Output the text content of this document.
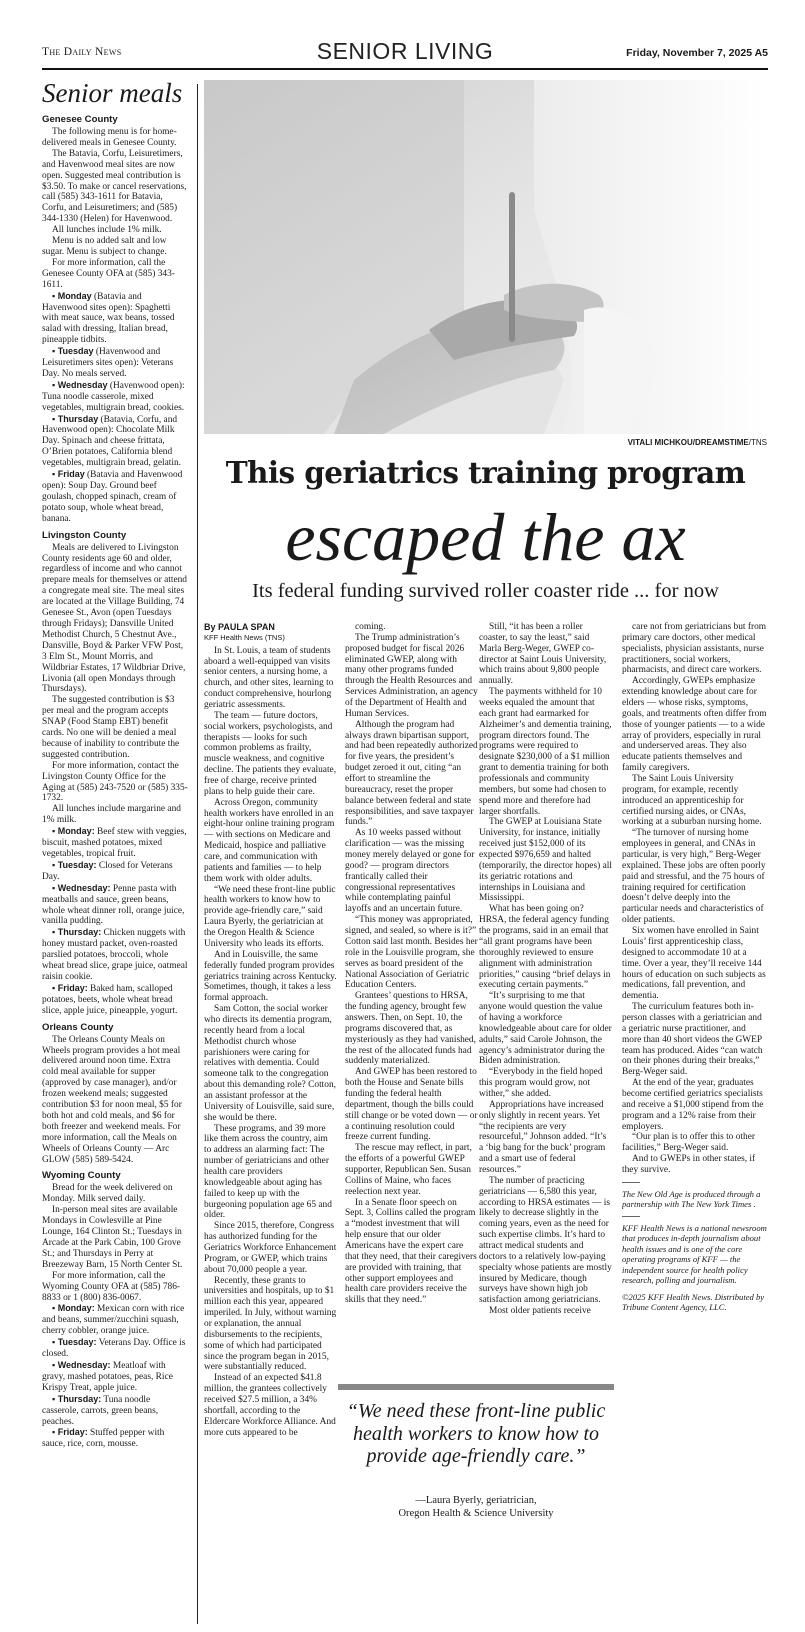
The Daily News	SENIOR LIVING	Friday, November 7, 2025 A5
Senior meals
Genesee County

The following menu is for home-delivered meals in Genesee County.

The Batavia, Corfu, Leisuretimers, and Havenwood meal sites are now open. Suggested meal contribution is $3.50. To make or cancel reservations, call (585) 343-1611 for Batavia, Corfu, and Leisuretimers; and (585) 344-1330 (Helen) for Havenwood.

All lunches include 1% milk.

Menu is no added salt and low sugar. Menu is subject to change.

For more information, call the Genesee County OFA at (585) 343-1611.

▪ Monday (Batavia and Havenwood sites open): Spaghetti with meat sauce, wax beans, tossed salad with dressing, Italian bread, pineapple tidbits.

▪ Tuesday (Havenwood and Leisuretimers sites open): Veterans Day. No meals served.

▪ Wednesday (Havenwood open): Tuna noodle casserole, mixed vegetables, multigrain bread, cookies.

▪ Thursday (Batavia, Corfu, and Havenwood open): Chocolate Milk Day. Spinach and cheese frittata, O’Brien potatoes, California blend vegetables, multigrain bread, gelatin.

▪ Friday (Batavia and Havenwood open): Soup Day. Ground beef goulash, chopped spinach, cream of potato soup, whole wheat bread, banana.

Livingston County

Meals are delivered to Livingston County residents age 60 and older, regardless of income and who cannot prepare meals for themselves or attend a congregate meal site. The meal sites are located at the Village Building, 74 Genesee St., Avon (open Tuesdays through Fridays); Dansville United Methodist Church, 5 Chestnut Ave., Dansville, Boyd & Parker VFW Post, 3 Elm St., Mount Morris, and Wildbriar Estates, 17 Wildbriar Drive, Livonia (all open Mondays through Thursdays).

The suggested contribution is $3 per meal and the program accepts SNAP (Food Stamp EBT) benefit cards. No one will be denied a meal because of inability to contribute the suggested contribution.

For more information, contact the Livingston County Office for the Aging at (585) 243-7520 or (585) 335-1732.

All lunches include margarine and 1% milk.

▪ Monday: Beef stew with veggies, biscuit, mashed potatoes, mixed vegetables, tropical fruit.

▪ Tuesday: Closed for Veterans Day.

▪ Wednesday: Penne pasta with meatballs and sauce, green beans, whole wheat dinner roll, orange juice, vanilla pudding.

▪ Thursday: Chicken nuggets with honey mustard packet, oven-roasted parslied potatoes, broccoli, whole wheat bread slice, grape juice, oatmeal raisin cookie.

▪ Friday: Baked ham, scalloped potatoes, beets, whole wheat bread slice, apple juice, pineapple, yogurt.

Orleans County

The Orleans County Meals on Wheels program provides a hot meal delivered around noon time. Extra cold meal available for supper (approved by case manager), and/or frozen weekend meals; suggested contribution $3 for noon meal, $5 for both hot and cold meals, and $6 for both freezer and weekend meals. For more information, call the Meals on Wheels of Orleans County — Arc GLOW (585) 589-5424.

Wyoming County

Bread for the week delivered on Monday. Milk served daily.

In-person meal sites are available Mondays in Cowlesville at Pine Lounge, 164 Clinton St.; Tuesdays in Arcade at the Park Cabin, 100 Grove St.; and Thursdays in Perry at Breezeway Barn, 15 North Center St.

For more information, call the Wyoming County OFA at (585) 786-8833 or 1 (800) 836-0067.

▪ Monday: Mexican corn with rice and beans, summer/zucchini squash, cherry cobbler, orange juice.

▪ Tuesday: Veterans Day. Office is closed.

▪ Wednesday: Meatloaf with gravy, mashed potatoes, peas, Rice Krispy Treat, apple juice.

▪ Thursday: Tuna noodle casserole, carrots, green beans, peaches.

▪ Friday: Stuffed pepper with sauce, rice, corn, mousse.

VITALI MICHKOU/DREAMSTIME/TNS
This geriatrics training program
escaped the ax
Its federal funding survived roller coaster ride ... for now

By PAULA SPAN

KFF Health News (TNS)

In St. Louis, a team of students aboard a well-equipped van visits senior centers, a nursing home, a church, and other sites, learning to conduct comprehensive, hourlong geriatric assessments.

The team — future doctors, social workers, psychologists, and therapists — looks for such common problems as frailty, muscle weakness, and cognitive decline. The patients they evaluate, free of charge, receive printed plans to help guide their care.

Across Oregon, community health workers have enrolled in an eight-hour online training program — with sections on Medicare and Medicaid, hospice and palliative care, and communication with patients and families — to help them work with older adults.

“We need these front-line public health workers to know how to provide age-friendly care,” said Laura Byerly, the geriatrician at the Oregon Health & Science University who leads its efforts.

And in Louisville, the same federally funded program provides geriatrics training across Kentucky. Sometimes, though, it takes a less formal approach.

Sam Cotton, the social worker who directs its dementia program, recently heard from a local Methodist church whose parishioners were caring for relatives with dementia. Could someone talk to the congregation about this demanding role? Cotton, an assistant professor at the University of Louisville, said sure, she would be there.

These programs, and 39 more like them across the country, aim to address an alarming fact: The number of geriatricians and other health care providers knowledgeable about aging has failed to keep up with the burgeoning population age 65 and older.

Since 2015, therefore, Congress has authorized funding for the Geriatrics Workforce Enhancement Program, or GWEP, which trains about 70,000 people a year.

Recently, these grants to universities and hospitals, up to $1 million each this year, appeared imperiled. In July, without warning or explanation, the annual disbursements to the recipients, some of which had participated since the program began in 2015, were substantially reduced.

Instead of an expected $41.8 million, the grantees collectively received $27.5 million, a 34% shortfall, according to the Eldercare Workforce Alliance. And more cuts appeared to be

coming.

The Trump administration’s proposed budget for fiscal 2026 eliminated GWEP, along with many other programs funded through the Health Resources and Services Administration, an agency of the Department of Health and Human Services.

Although the program had always drawn bipartisan support, and had been repeatedly authorized for five years, the president’s budget zeroed it out, citing “an effort to streamline the bureaucracy, reset the proper balance between federal and state responsibilities, and save taxpayer funds.”

As 10 weeks passed without clarification — was the missing money merely delayed or gone for good? — program directors frantically called their congressional representatives while contemplating painful layoffs and an uncertain future.

“This money was appropriated, signed, and sealed, so where is it?” Cotton said last month. Besides her role in the Louisville program, she serves as board president of the National Association of Geriatric Education Centers.

Grantees’ questions to HRSA, the funding agency, brought few answers. Then, on Sept. 10, the programs discovered that, as mysteriously as they had vanished, the rest of the allocated funds had suddenly materialized.

And GWEP has been restored to both the House and Senate bills funding the federal health department, though the bills could still change or be voted down — or a continuing resolution could freeze current funding.

The rescue may reflect, in part, the efforts of a powerful GWEP supporter, Republican Sen. Susan Collins of Maine, who faces reelection next year.

In a Senate floor speech on Sept. 3, Collins called the program a “modest investment that will help ensure that our older Americans have the expert care that they need, that their caregivers are provided with training, that other support employees and health care providers receive the skills that they need.”

Still, “it has been a roller coaster, to say the least,” said Marla Berg-Weger, GWEP co-director at Saint Louis University, which trains about 9,800 people annually.

The payments withheld for 10 weeks equaled the amount that each grant had earmarked for Alzheimer’s and dementia training, program directors found. The programs were required to designate $230,000 of a $1 million grant to dementia training for both professionals and community members, but some had chosen to spend more and therefore had larger shortfalls.

The GWEP at Louisiana State University, for instance, initially received just $152,000 of its expected $976,659 and halted (temporarily, the director hopes) all its geriatric rotations and internships in Louisiana and Mississippi.

What has been going on? HRSA, the federal agency funding the programs, said in an email that “all grant programs have been thoroughly reviewed to ensure alignment with administration priorities,” causing “brief delays in executing certain payments.”

“It’s surprising to me that anyone would question the value of having a workforce knowledgeable about care for older adults,” said Carole Johnson, the agency’s administrator during the Biden administration.

“Everybody in the field hoped this program would grow, not wither,” she added.

Appropriations have increased only slightly in recent years. Yet “the recipients are very resourceful,” Johnson added. “It’s a ‘big bang for the buck’ program and a smart use of federal resources.”

The number of practicing geriatricians — 6,580 this year, according to HRSA estimates — is likely to decrease slightly in the coming years, even as the need for such expertise climbs. It’s hard to attract medical students and doctors to a relatively low-paying specialty whose patients are mostly insured by Medicare, though surveys have shown high job satisfaction among geriatricians.

Most older patients receive

care not from geriatricians but from primary care doctors, other medical specialists, physician assistants, nurse practitioners, social workers, pharmacists, and direct care workers.

Accordingly, GWEPs emphasize extending knowledge about care for elders — whose risks, symptoms, goals, and treatments often differ from those of younger patients — to a wide array of providers, especially in rural and underserved areas. They also educate patients themselves and family caregivers.

The Saint Louis University program, for example, recently introduced an apprenticeship for certified nursing aides, or CNAs, working at a suburban nursing home.

“The turnover of nursing home employees in general, and CNAs in particular, is very high,” Berg-Weger explained. These jobs are often poorly paid and stressful, and the 75 hours of training required for certification doesn’t delve deeply into the particular needs and characteristics of older patients.

Six women have enrolled in Saint Louis’ first apprenticeship class, designed to accommodate 10 at a time. Over a year, they’ll receive 144 hours of education on such subjects as medications, fall prevention, and dementia.

The curriculum features both in-person classes with a geriatrician and a geriatric nurse practitioner, and more than 40 short videos the GWEP team has produced. Aides “can watch on their phones during their breaks,” Berg-Weger said.

At the end of the year, graduates become certified geriatrics specialists and receive a $1,000 stipend from the program and a 12% raise from their employers.

“Our plan is to offer this to other facilities,” Berg-Weger said.

And to GWEPs in other states, if they survive.

The New Old Age is produced through a partnership with The New York Times .

KFF Health News is a national newsroom that produces in-depth journalism about health issues and is one of the core operating programs of KFF — the independent source for health policy research, polling and journalism.

©2025 KFF Health News. Distributed by Tribune Content Agency, LLC.

“We need these front-line public health workers to know how to provide age-friendly care.”
—Laura Byerly, geriatrician,
Oregon Health & Science University
